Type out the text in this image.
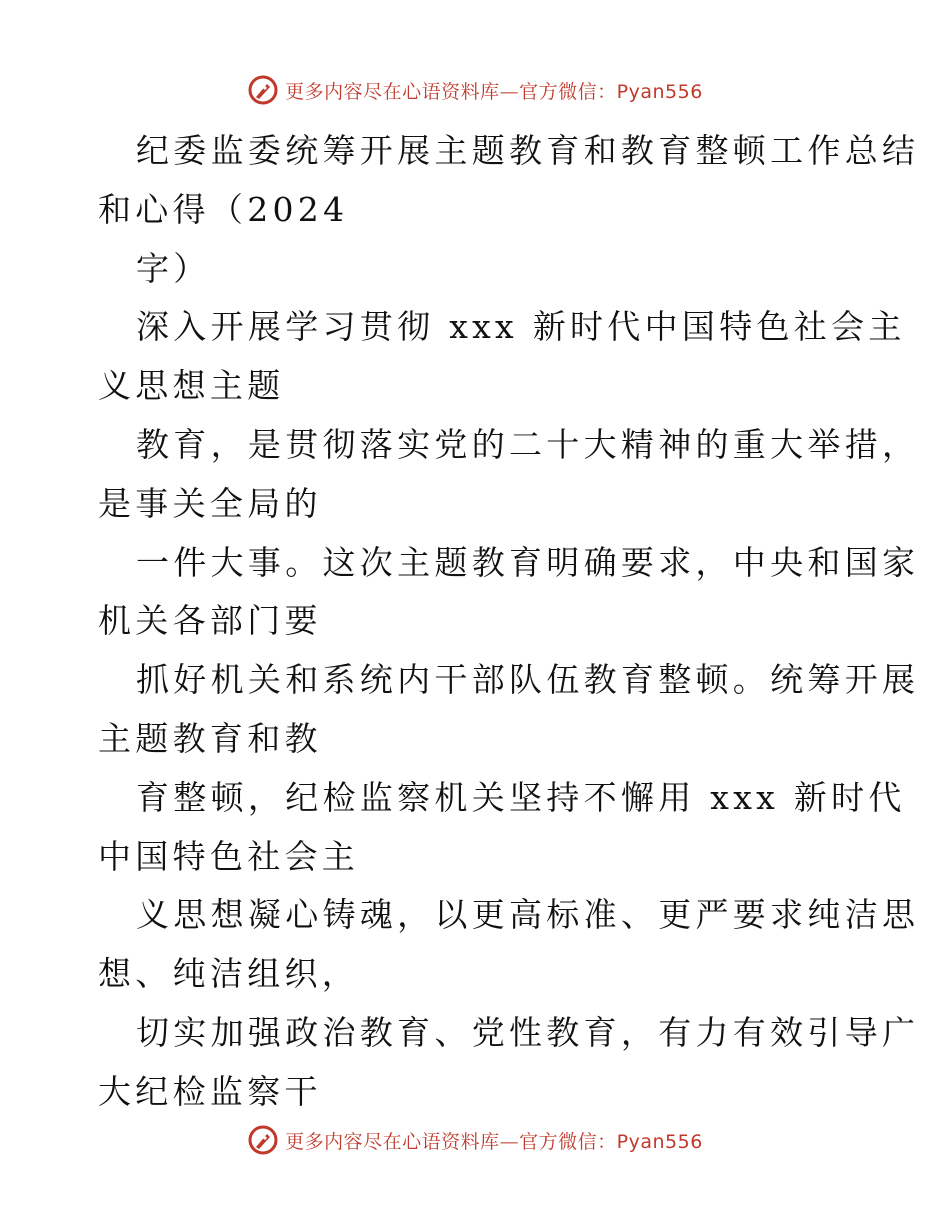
更多内容尽在心语资料库—官方微信：Pyan556
纪委监委统筹开展主题教育和教育整顿工作总结
和心得（2024
字）
深入开展学习贯彻 xxx 新时代中国特色社会主
义思想主题
教育，是贯彻落实党的二十大精神的重大举措，
是事关全局的
一件大事。这次主题教育明确要求，中央和国家
机关各部门要
抓好机关和系统内干部队伍教育整顿。统筹开展
主题教育和教
育整顿，纪检监察机关坚持不懈用 xxx 新时代
中国特色社会主
义思想凝心铸魂，以更高标准、更严要求纯洁思
想、纯洁组织，
切实加强政治教育、党性教育，有力有效引导广
大纪检监察干
更多内容尽在心语资料库—官方微信：Pyan556
